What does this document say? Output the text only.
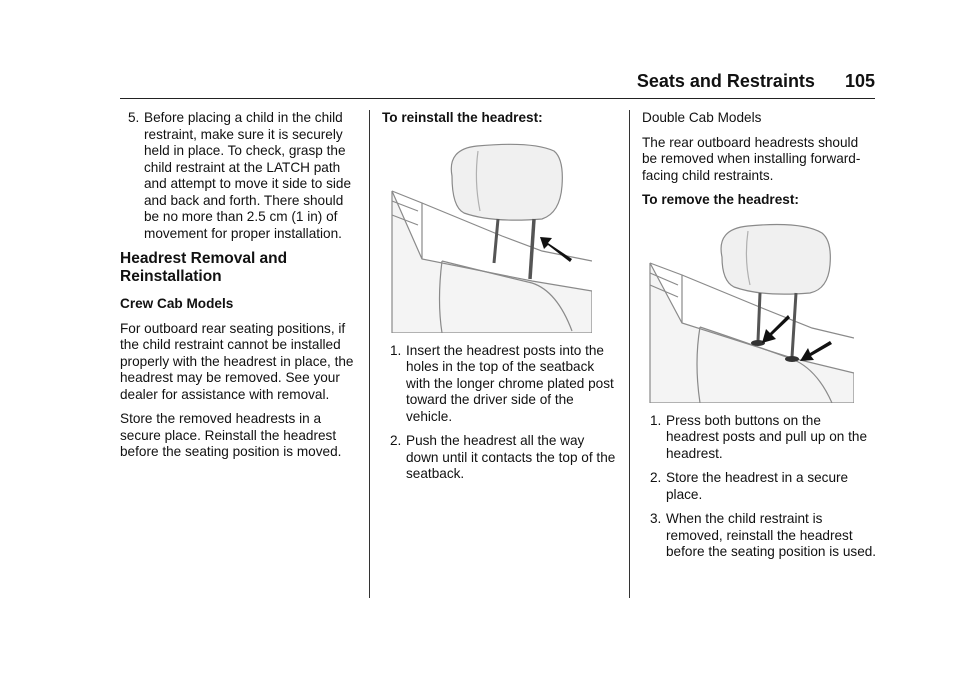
Seats and Restraints 105
5. Before placing a child in the child restraint, make sure it is securely held in place. To check, grasp the child restraint at the LATCH path and attempt to move it side to side and back and forth. There should be no more than 2.5 cm (1 in) of movement for proper installation.
Headrest Removal and Reinstallation

Crew Cab Models

For outboard rear seating positions, if the child restraint cannot be installed properly with the headrest in place, the headrest may be removed. See your dealer for assistance with removal.

Store the removed headrests in a secure place. Reinstall the headrest before the seating position is moved.

To reinstall the headrest:

1. Insert the headrest posts into the holes in the top of the seatback with the longer chrome plated post toward the driver side of the vehicle.
2. Push the headrest all the way down until it contacts the top of the seatback.

Double Cab Models

The rear outboard headrests should be removed when installing forward-facing child restraints.

To remove the headrest:

1. Press both buttons on the headrest posts and pull up on the headrest.
2. Store the headrest in a secure place.
3. When the child restraint is removed, reinstall the headrest before the seating position is used.
